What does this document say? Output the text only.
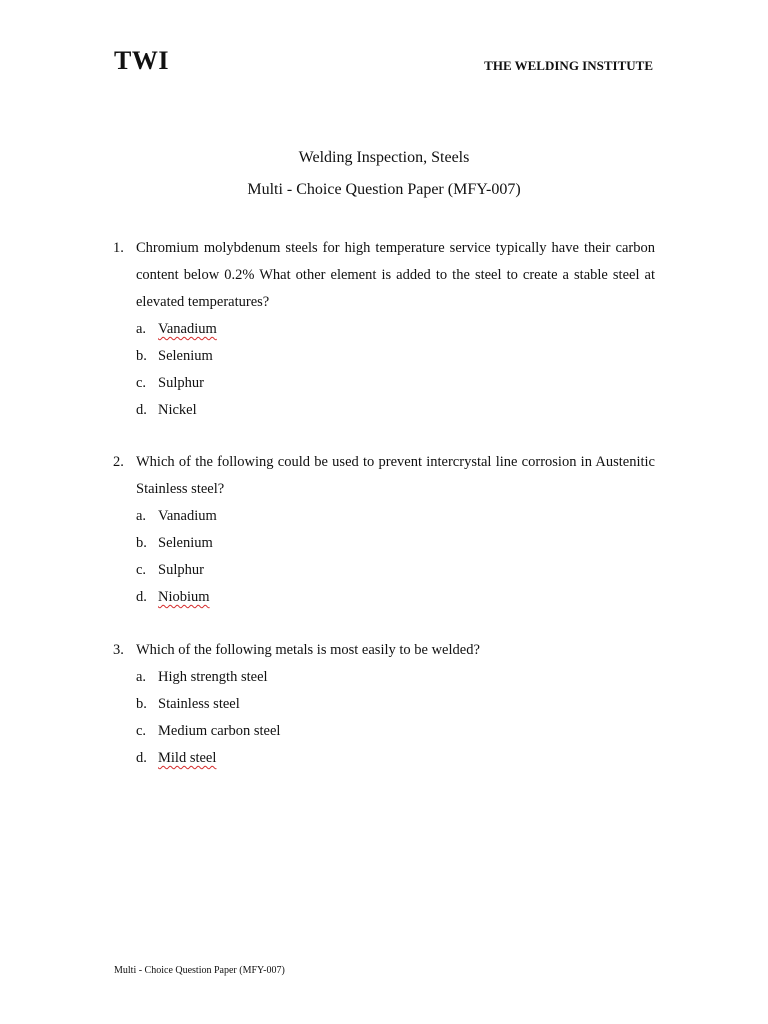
TWI	THE WELDING INSTITUTE
Welding Inspection, Steels
Multi - Choice Question Paper (MFY-007)
1. Chromium molybdenum steels for high temperature service typically have their carbon content below 0.2% What other element is added to the steel to create a stable steel at elevated temperatures?
a. Vanadium
b. Selenium
c. Sulphur
d. Nickel
2. Which of the following could be used to prevent intercrystal line corrosion in Austenitic Stainless steel?
a. Vanadium
b. Selenium
c. Sulphur
d. Niobium
3. Which of the following metals is most easily to be welded?
a. High strength steel
b. Stainless steel
c. Medium carbon steel
d. Mild steel
Multi - Choice Question Paper (MFY-007)
